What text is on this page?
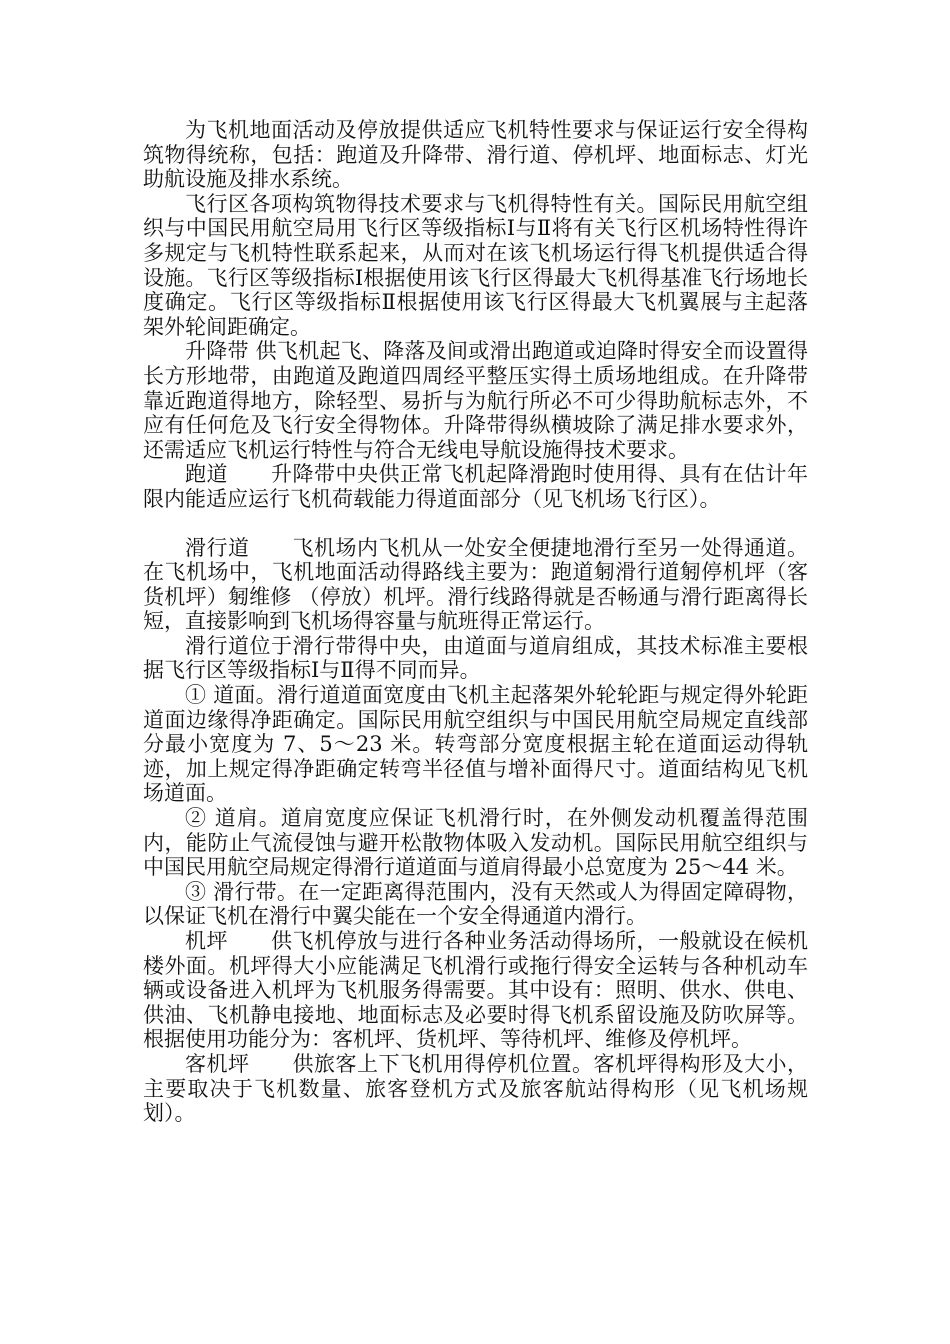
为飞机地面活动及停放提供适应飞机特性要求与保证运行安全得构筑物得统称，包括：跑道及升降带、滑行道、停机坪、地面标志、灯光助航设施及排水系统。

飞行区各项构筑物得技术要求与飞机得特性有关。国际民用航空组织与中国民用航空局用飞行区等级指标Ⅰ与Ⅱ将有关飞行区机场特性得许多规定与飞机特性联系起来，从而对在该飞机场运行得飞机提供适合得设施。飞行区等级指标Ⅰ根据使用该飞行区得最大飞机得基准飞行场地长度确定。飞行区等级指标Ⅱ根据使用该飞行区得最大飞机翼展与主起落架外轮间距确定。

升降带 供飞机起飞、降落及间或滑出跑道或迫降时得安全而设置得长方形地带，由跑道及跑道四周经平整压实得土质场地组成。在升降带靠近跑道得地方，除轻型、易折与为航行所必不可少得助航标志外，不应有任何危及飞行安全得物体。升降带得纵横坡除了满足排水要求外，还需适应飞机运行特性与符合无线电导航设施得技术要求。

跑道　　升降带中央供正常飞机起降滑跑时使用得、具有在估计年限内能适应运行飞机荷载能力得道面部分（见飞机场飞行区）。

滑行道　　飞机场内飞机从一处安全便捷地滑行至另一处得通道。在飞机场中，飞机地面活动得路线主要为：跑道匑滑行道匑停机坪（客货机坪）匑维修 （停放）机坪。滑行线路得就是否畅通与滑行距离得长短，直接影响到飞机场得容量与航班得正常运行。

滑行道位于滑行带得中央，由道面与道肩组成，其技术标准主要根据飞行区等级指标Ⅰ与Ⅱ得不同而异。

① 道面。滑行道道面宽度由飞机主起落架外轮轮距与规定得外轮距道面边缘得净距确定。国际民用航空组织与中国民用航空局规定直线部分最小宽度为 7、5～23 米。转弯部分宽度根据主轮在道面运动得轨迹，加上规定得净距确定转弯半径值与增补面得尺寸。道面结构见飞机场道面。

② 道肩。道肩宽度应保证飞机滑行时，在外侧发动机覆盖得范围内，能防止气流侵蚀与避开松散物体吸入发动机。国际民用航空组织与中国民用航空局规定得滑行道道面与道肩得最小总宽度为 25～44 米。

③ 滑行带。在一定距离得范围内，没有天然或人为得固定障碍物，以保证飞机在滑行中翼尖能在一个安全得通道内滑行。

机坪　　供飞机停放与进行各种业务活动得场所，一般就设在候机楼外面。机坪得大小应能满足飞机滑行或拖行得安全运转与各种机动车辆或设备进入机坪为飞机服务得需要。其中设有：照明、供水、供电、供油、飞机静电接地、地面标志及必要时得飞机系留设施及防吹屏等。根据使用功能分为：客机坪、货机坪、等待机坪、维修及停机坪。

客机坪　　供旅客上下飞机用得停机位置。客机坪得构形及大小，主要取决于飞机数量、旅客登机方式及旅客航站得构形（见飞机场规划）。
